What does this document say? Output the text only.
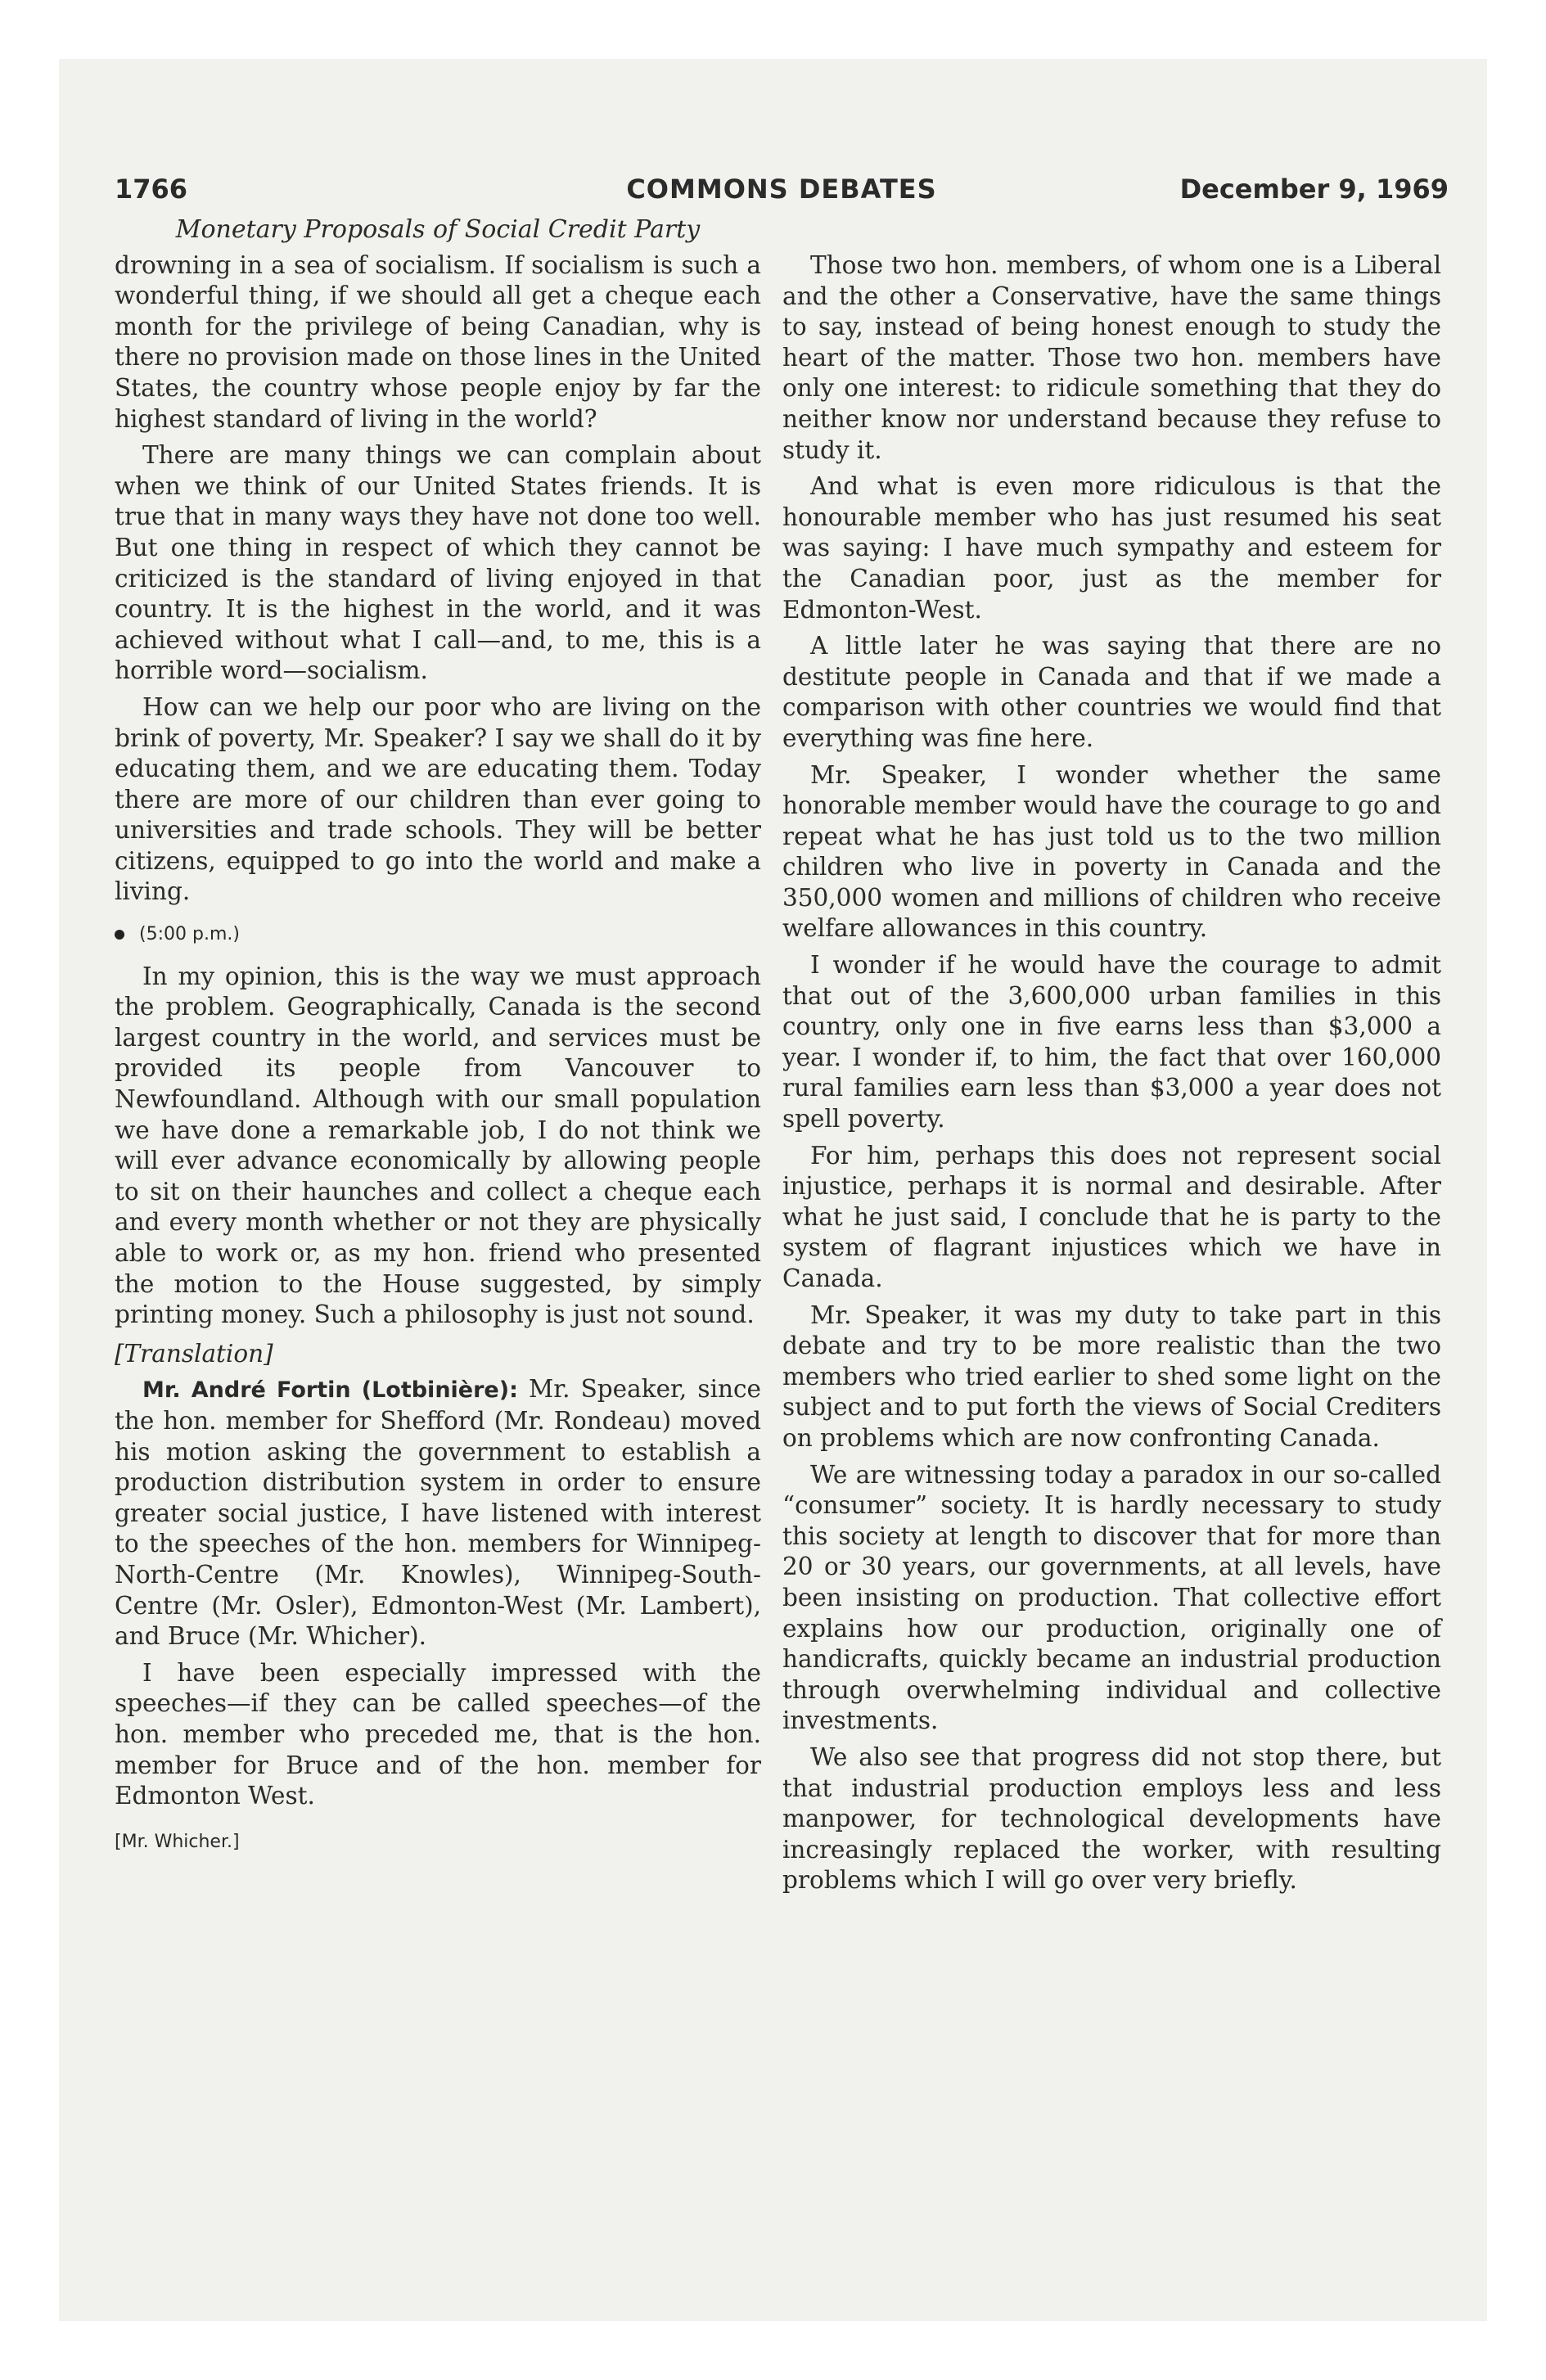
1766	COMMONS DEBATES	December 9, 1969
Monetary Proposals of Social Credit Party

drowning in a sea of socialism. If socialism is such a wonderful thing, if we should all get a cheque each month for the privilege of being Canadian, why is there no provision made on those lines in the United States, the country whose people enjoy by far the highest standard of living in the world?

There are many things we can complain about when we think of our United States friends. It is true that in many ways they have not done too well. But one thing in respect of which they cannot be criticized is the standard of living enjoyed in that country. It is the highest in the world, and it was achieved without what I call—and, to me, this is a horrible word—socialism.

How can we help our poor who are living on the brink of poverty, Mr. Speaker? I say we shall do it by educating them, and we are educating them. Today there are more of our children than ever going to universities and trade schools. They will be better citizens, equipped to go into the world and make a living.

(5:00 p.m.)

In my opinion, this is the way we must approach the problem. Geographically, Canada is the second largest country in the world, and services must be provided its people from Vancouver to Newfoundland. Although with our small population we have done a remarkable job, I do not think we will ever advance economically by allowing people to sit on their haunches and collect a cheque each and every month whether or not they are physically able to work or, as my hon. friend who presented the motion to the House suggested, by simply printing money. Such a philosophy is just not sound.

[Translation]

Mr. André Fortin (Lotbinière): Mr. Speaker, since the hon. member for Shefford (Mr. Rondeau) moved his motion asking the government to establish a production distribution system in order to ensure greater social justice, I have listened with interest to the speeches of the hon. members for Winnipeg-North-Centre (Mr. Knowles), Winnipeg-South-Centre (Mr. Osler), Edmonton-West (Mr. Lambert), and Bruce (Mr. Whicher).

I have been especially impressed with the speeches—if they can be called speeches—of the hon. member who preceded me, that is the hon. member for Bruce and of the hon. member for Edmonton West.

[Mr. Whicher.]

Those two hon. members, of whom one is a Liberal and the other a Conservative, have the same things to say, instead of being honest enough to study the heart of the matter. Those two hon. members have only one interest: to ridicule something that they do neither know nor understand because they refuse to study it.

And what is even more ridiculous is that the honourable member who has just resumed his seat was saying: I have much sympathy and esteem for the Canadian poor, just as the member for Edmonton-West.

A little later he was saying that there are no destitute people in Canada and that if we made a comparison with other countries we would find that everything was fine here.

Mr. Speaker, I wonder whether the same honorable member would have the courage to go and repeat what he has just told us to the two million children who live in poverty in Canada and the 350,000 women and millions of children who receive welfare allowances in this country.

I wonder if he would have the courage to admit that out of the 3,600,000 urban families in this country, only one in five earns less than $3,000 a year. I wonder if, to him, the fact that over 160,000 rural families earn less than $3,000 a year does not spell poverty.

For him, perhaps this does not represent social injustice, perhaps it is normal and desirable. After what he just said, I conclude that he is party to the system of flagrant injustices which we have in Canada.

Mr. Speaker, it was my duty to take part in this debate and try to be more realistic than the two members who tried earlier to shed some light on the subject and to put forth the views of Social Crediters on problems which are now confronting Canada.

We are witnessing today a paradox in our so-called “consumer” society. It is hardly necessary to study this society at length to discover that for more than 20 or 30 years, our governments, at all levels, have been insisting on production. That collective effort explains how our production, originally one of handicrafts, quickly became an industrial production through overwhelming individual and collective investments.

We also see that progress did not stop there, but that industrial production employs less and less manpower, for technological developments have increasingly replaced the worker, with resulting problems which I will go over very briefly.
